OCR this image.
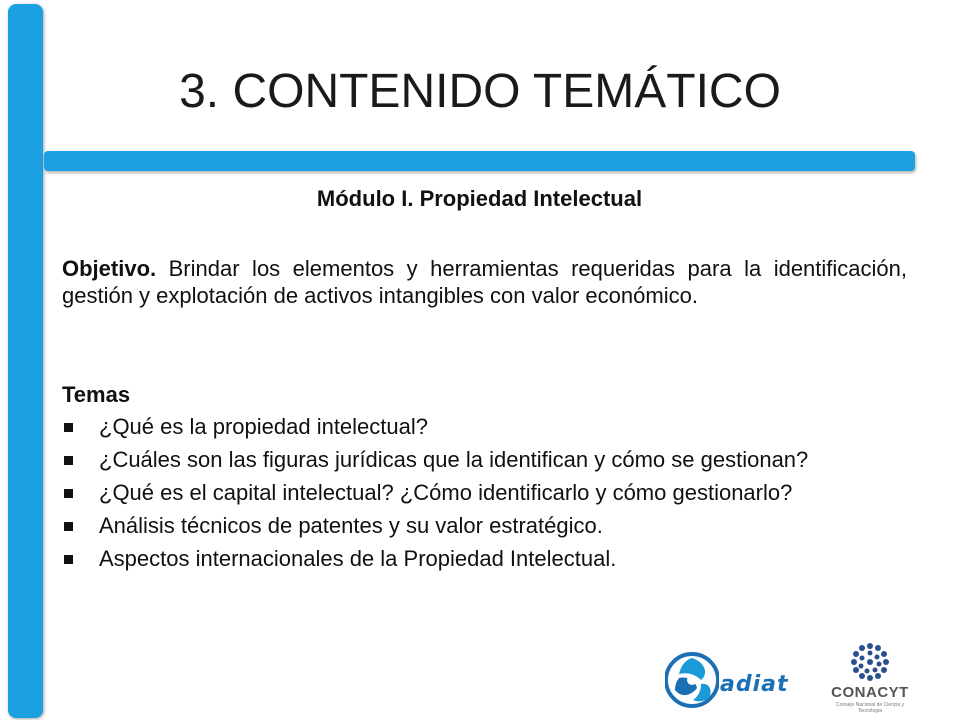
3. CONTENIDO TEMÁTICO
Módulo I. Propiedad Intelectual

Objetivo. Brindar los elementos y herramientas requeridas para la identificación, gestión y explotación de activos intangibles con valor económico.

Temas
¿Qué es la propiedad intelectual?
¿Cuáles son las figuras jurídicas que la identifican y cómo se gestionan?
¿Qué es el capital intelectual? ¿Cómo identificarlo y cómo gestionarlo?
Análisis técnicos de patentes y su valor estratégico.
Aspectos internacionales de la Propiedad Intelectual.
adiat	CONACYT
Consejo Nacional de Ciencia y Tecnología
